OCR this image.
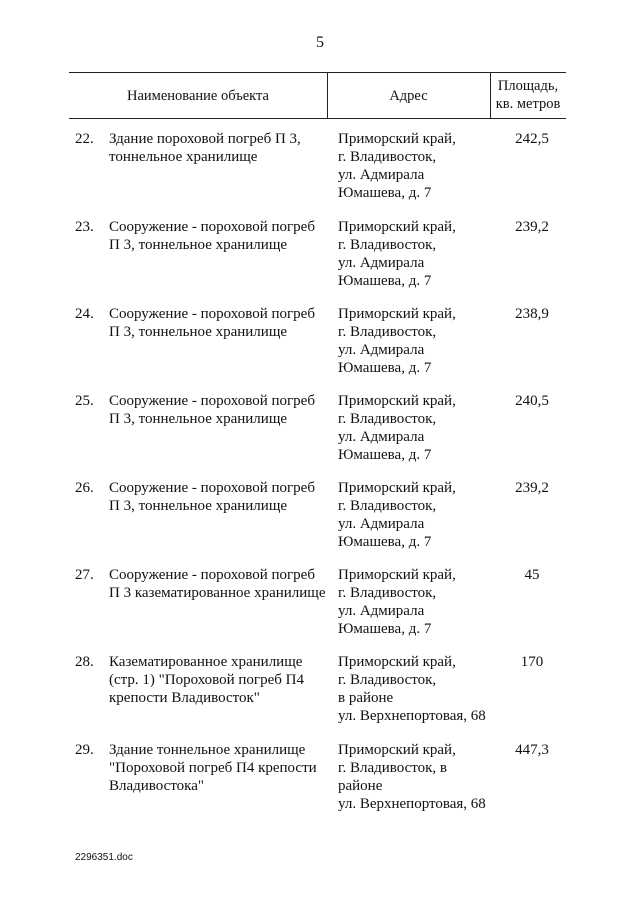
5
Наименование объекта	Адрес
Площадь,
кв. метров
22. Здание пороховой погреб П 3,
тоннельное хранилище
Приморский край,
г. Владивосток,
ул. Адмирала
Юмашева, д. 7
242,5
23. Сооружение - пороховой погреб
П 3, тоннельное хранилище
Приморский край,
г. Владивосток,
ул. Адмирала
Юмашева, д. 7
239,2
24. Сооружение - пороховой погреб
П 3, тоннельное хранилище
Приморский край,
г. Владивосток,
ул. Адмирала
Юмашева, д. 7
238,9
25. Сооружение - пороховой погреб
П 3, тоннельное хранилище
Приморский край,
г. Владивосток,
ул. Адмирала
Юмашева, д. 7
240,5
26. Сооружение - пороховой погреб
П 3, тоннельное хранилище
Приморский край,
г. Владивосток,
ул. Адмирала
Юмашева, д. 7
239,2
27. Сооружение - пороховой погреб
П 3 казематированное хранилище
Приморский край,
г. Владивосток,
ул. Адмирала
Юмашева, д. 7
45
28. Казематированное хранилище
(стр. 1) "Пороховой погреб П4
крепости Владивосток"
Приморский край,
г. Владивосток,
в районе
ул. Верхнепортовая, 68
170
29. Здание тоннельное хранилище
"Пороховой погреб П4 крепости
Владивостока"
Приморский край,
г. Владивосток, в
районе
ул. Верхнепортовая, 68
447,3
2296351.doc
